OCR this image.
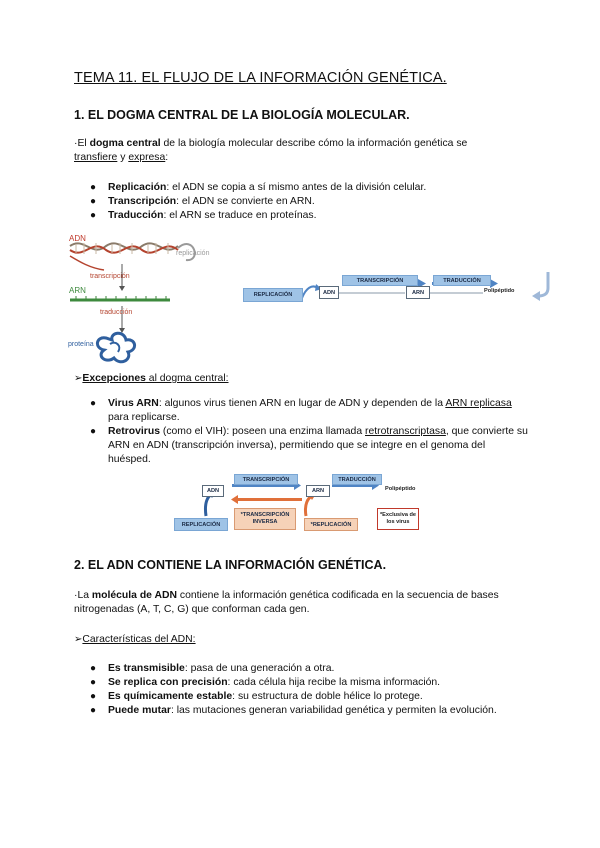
TEMA 11. EL FLUJO DE LA INFORMACIÓN GENÉTICA.
1. EL DOGMA CENTRAL DE LA BIOLOGÍA MOLECULAR.
·El dogma central de la biología molecular describe cómo la información genética se
transfiere y expresa:
● Replicación: el ADN se copia a sí mismo antes de la división celular.
● Transcripción: el ADN se convierte en ARN.
● Traducción: el ARN se traduce en proteínas.
ADN
replicación
transcripción
ARN
traducción
proteína
REPLICACIÓN	ADN
TRANSCRIPCIÓN
ARN
TRADUCCIÓN
Polipéptido
➢Excepciones al dogma central:
● Virus ARN: algunos virus tienen ARN en lugar de ADN y dependen de la ARN replicasa para replicarse.
● Retrovirus (como el VIH): poseen una enzima llamada retrotranscriptasa, que convierte su ARN en ADN (transcripción inversa), permitiendo que se integre en el genoma del huésped.
ADN
TRANSCRIPCIÓN
ARN
TRADUCCIÓN
Polipéptido
REPLICACIÓN
*TRANSCRIPCIÓN INVERSA	*REPLICACIÓN
*Exclusiva de los virus
2. EL ADN CONTIENE LA INFORMACIÓN GENÉTICA.
·La molécula de ADN contiene la información genética codificada en la secuencia de bases nitrogenadas (A, T, C, G) que conforman cada gen.
➢Características del ADN:
● Es transmisible: pasa de una generación a otra.
● Se replica con precisión: cada célula hija recibe la misma información.
● Es químicamente estable: su estructura de doble hélice lo protege.
● Puede mutar: las mutaciones generan variabilidad genética y permiten la evolución.
